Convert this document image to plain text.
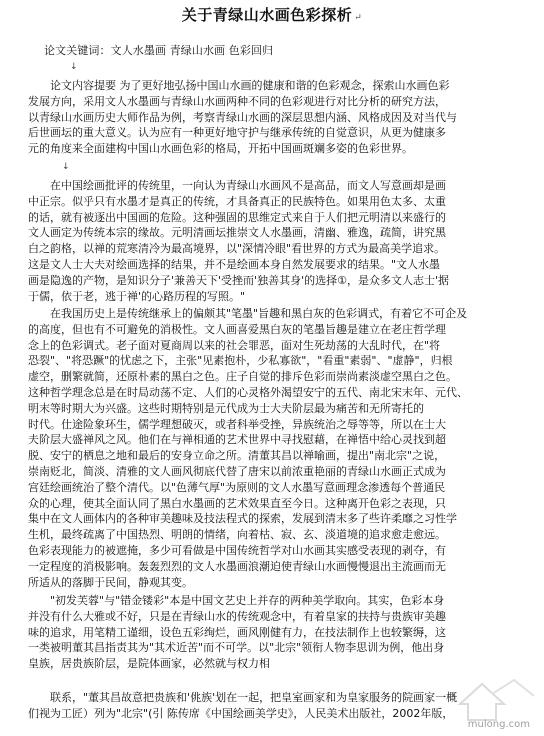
关于青绿山水画色彩探析 ↵
论文关键词：文人水墨画 青绿山水画 色彩回归
↓
　　论文内容提要 为了更好地弘扬中国山水画的健康和谐的色彩观念，探索山水画色彩
发展方向，采用文人水墨画与青绿山水画两种不同的色彩观进行对比分析的研究方法，
以青绿山水画历史大师作品为例，考察青绿山水画的深层思想内涵、风格成因及对当代与
后世画坛的重大意义。认为应有一种更好地守护与继承传统的自觉意识，从更为健康多
元的角度来全面建构中国山水画色彩的格局，开拓中国画斑斓多姿的色彩世界。
↓
　　在中国绘画批评的传统里，一向认为青绿山水画风不是高品，而文人写意画却是画
中正宗。似乎只有水墨才是真正的传统，才具备真正的民族特色。如果用色太多、太重
的话，就有被逐出中国画的危险。这种强固的思维定式来自于人们把元明清以来盛行的
文人画定为传统本宗的缘故。元明清画坛推崇文人水墨画，清幽、雅逸，疏简，讲究黑
白之韵格，以禅的荒寒清冷为最高境界，以"深情冷眼"看世界的方式为最高美学追求。
这是文人士大夫对绘画选择的结果，并不是绘画本身自然发展要求的结果。"文人水墨
画是隐逸的产物，是知识分子'兼善天下'受挫而'独善其身'的选择①，是众多文人志士'据
于儒，依于老，逃于禅'的心路历程的写照。"
　　在我国历史上是传统继承上的偏颇其"笔墨"旨趣和黑白灰的色彩调式，有着它不可企及
的高度，但也有不可避免的消极性。文人画喜爱黑白灰的笔墨旨趣是建立在老庄哲学理
念上的色彩调式。老子面对夏商周以来的社会罪恶，面对生死劫荡的大乱时代，在"将
恐裂"、"将恐蹶"的忧虑之下，主张"见素抱朴，少私寡欲"，"看重"素弱"、"虚静"，归根
虚空，删繁就简，还原朴素的黑白之色。庄子自觉的排斥色彩而崇尚素淡虚空黑白之色。
这种哲学理念总是在时局动荡不定、人们的心灵格外渴望安宁的五代、南北宋末年、元代、
明末等时期大为兴盛。这些时期特别是元代成为士大夫阶层最为痛苦和无所寄托的
时代。仕途险象环生，儒学理想破灭，或者科举受挫，异族统治之辱等等，所以在士大
夫阶层大盛禅风之风。他们在与禅相通的艺术世界中寻找慰藉，在禅悟中给心灵找到超
脱、安宁的栖息之地和最后的安身立命之所。清董其昌以禅喻画，提出"南北宗"之说，
崇南贬北，简淡、清雅的文人画风彻底代替了唐宋以前浓重艳丽的青绿山水画正式成为
宫廷绘画统治了整个清代。以"色薄气厚"为原则的文人水墨写意画理念渗透每个普通民
众的心理，使其全面认同了黑白水墨画的艺术效果直至今日。这种离开色彩之表现，只
集中在文人画体内的各种审美趣味及技法程式的探索，发展到清末多了些许柔靡之习性学
生机，最终疏离了中国热烈、明朗的情绪，向着枯、寂、玄、淡道境的追求愈走愈远。
色彩表现能力的被遮掩，多少可看做是中国传统哲学对山水画其实感受表现的剥夺，有
一定程度的消极影响。轰轰烈烈的文人水墨画浪潮迫使青绿山水画慢慢退出主流画而无
所适从的落脚于民间，静观其变。
　　"初发芙蓉"与"错金镂彩"本是中国文艺史上并存的两种美学取向。其实，色彩本身
并没有什么大雅或不好，只是在青绿山水的传统观念中，有着皇家的扶持与贵族审美趣
味的追求，用笔精工谨细，设色五彩绚烂，画风刚健有力，在技法制作上也较繁缛，这
一类被明董其昌指责其为"其术近苦"而不可学。以"北宗"领衔人物李思训为例，他出身
皇族，居贵族阶层，是院体画家，必然就与权力相
　　联系，"董其昌故意把贵族和'佻族'划在一起，把皇室画家和为皇家服务的院画家一概
们视为工匠）列为"北宗"(引 陈传席《中国绘画美学史》，人民美术出版社，2002年版，
mulong.com
